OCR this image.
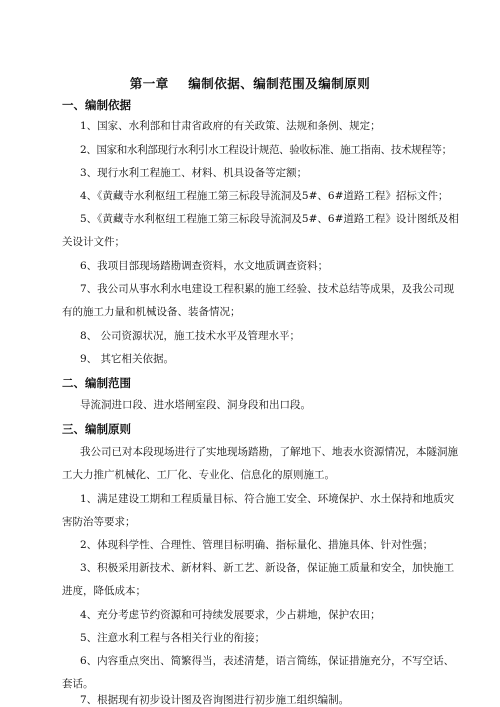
第一章    编制依据、编制范围及编制原则
一、编制依据
1、国家、水利部和甘肃省政府的有关政策、法规和条例、规定；
2、国家和水利部现行水利引水工程设计规范、验收标准、施工指南、技术规程等；
3、现行水利工程施工、材料、机具设备等定额；
4、《黄藏寺水利枢纽工程施工第三标段导流洞及5#、6#道路工程》招标文件；
5、《黄藏寺水利枢纽工程施工第三标段导流洞及5#、6#道路工程》设计图纸及相
关设计文件；
6、我项目部现场踏勘调查资料，水文地质调查资料；
7、我公司从事水利水电建设工程积累的施工经验、技术总结等成果，及我公司现
有的施工力量和机械设备、装备情况；
8、 公司资源状况，施工技术水平及管理水平；
9、 其它相关依据。
二、编制范围
导流洞进口段、进水塔闸室段、洞身段和出口段。
三、编制原则
我公司已对本段现场进行了实地现场踏勘，了解地下、地表水资源情况，本隧洞施
工大力推广机械化、工厂化、专业化、信息化的原则施工。
1、满足建设工期和工程质量目标、符合施工安全、环境保护、水土保持和地质灾
害防治等要求；
2、体现科学性、合理性、管理目标明确、指标量化、措施具体、针对性强；
3、积极采用新技术、新材料、新工艺、新设备，保证施工质量和安全，加快施工
进度，降低成本；
4、充分考虑节约资源和可持续发展要求，少占耕地，保护农田；
5、注意水利工程与各相关行业的衔接；
6、内容重点突出、简繁得当，表述清楚，语言简练，保证措施充分，不写空话、
套话。
7、根据现有初步设计图及咨询图进行初步施工组织编制。
